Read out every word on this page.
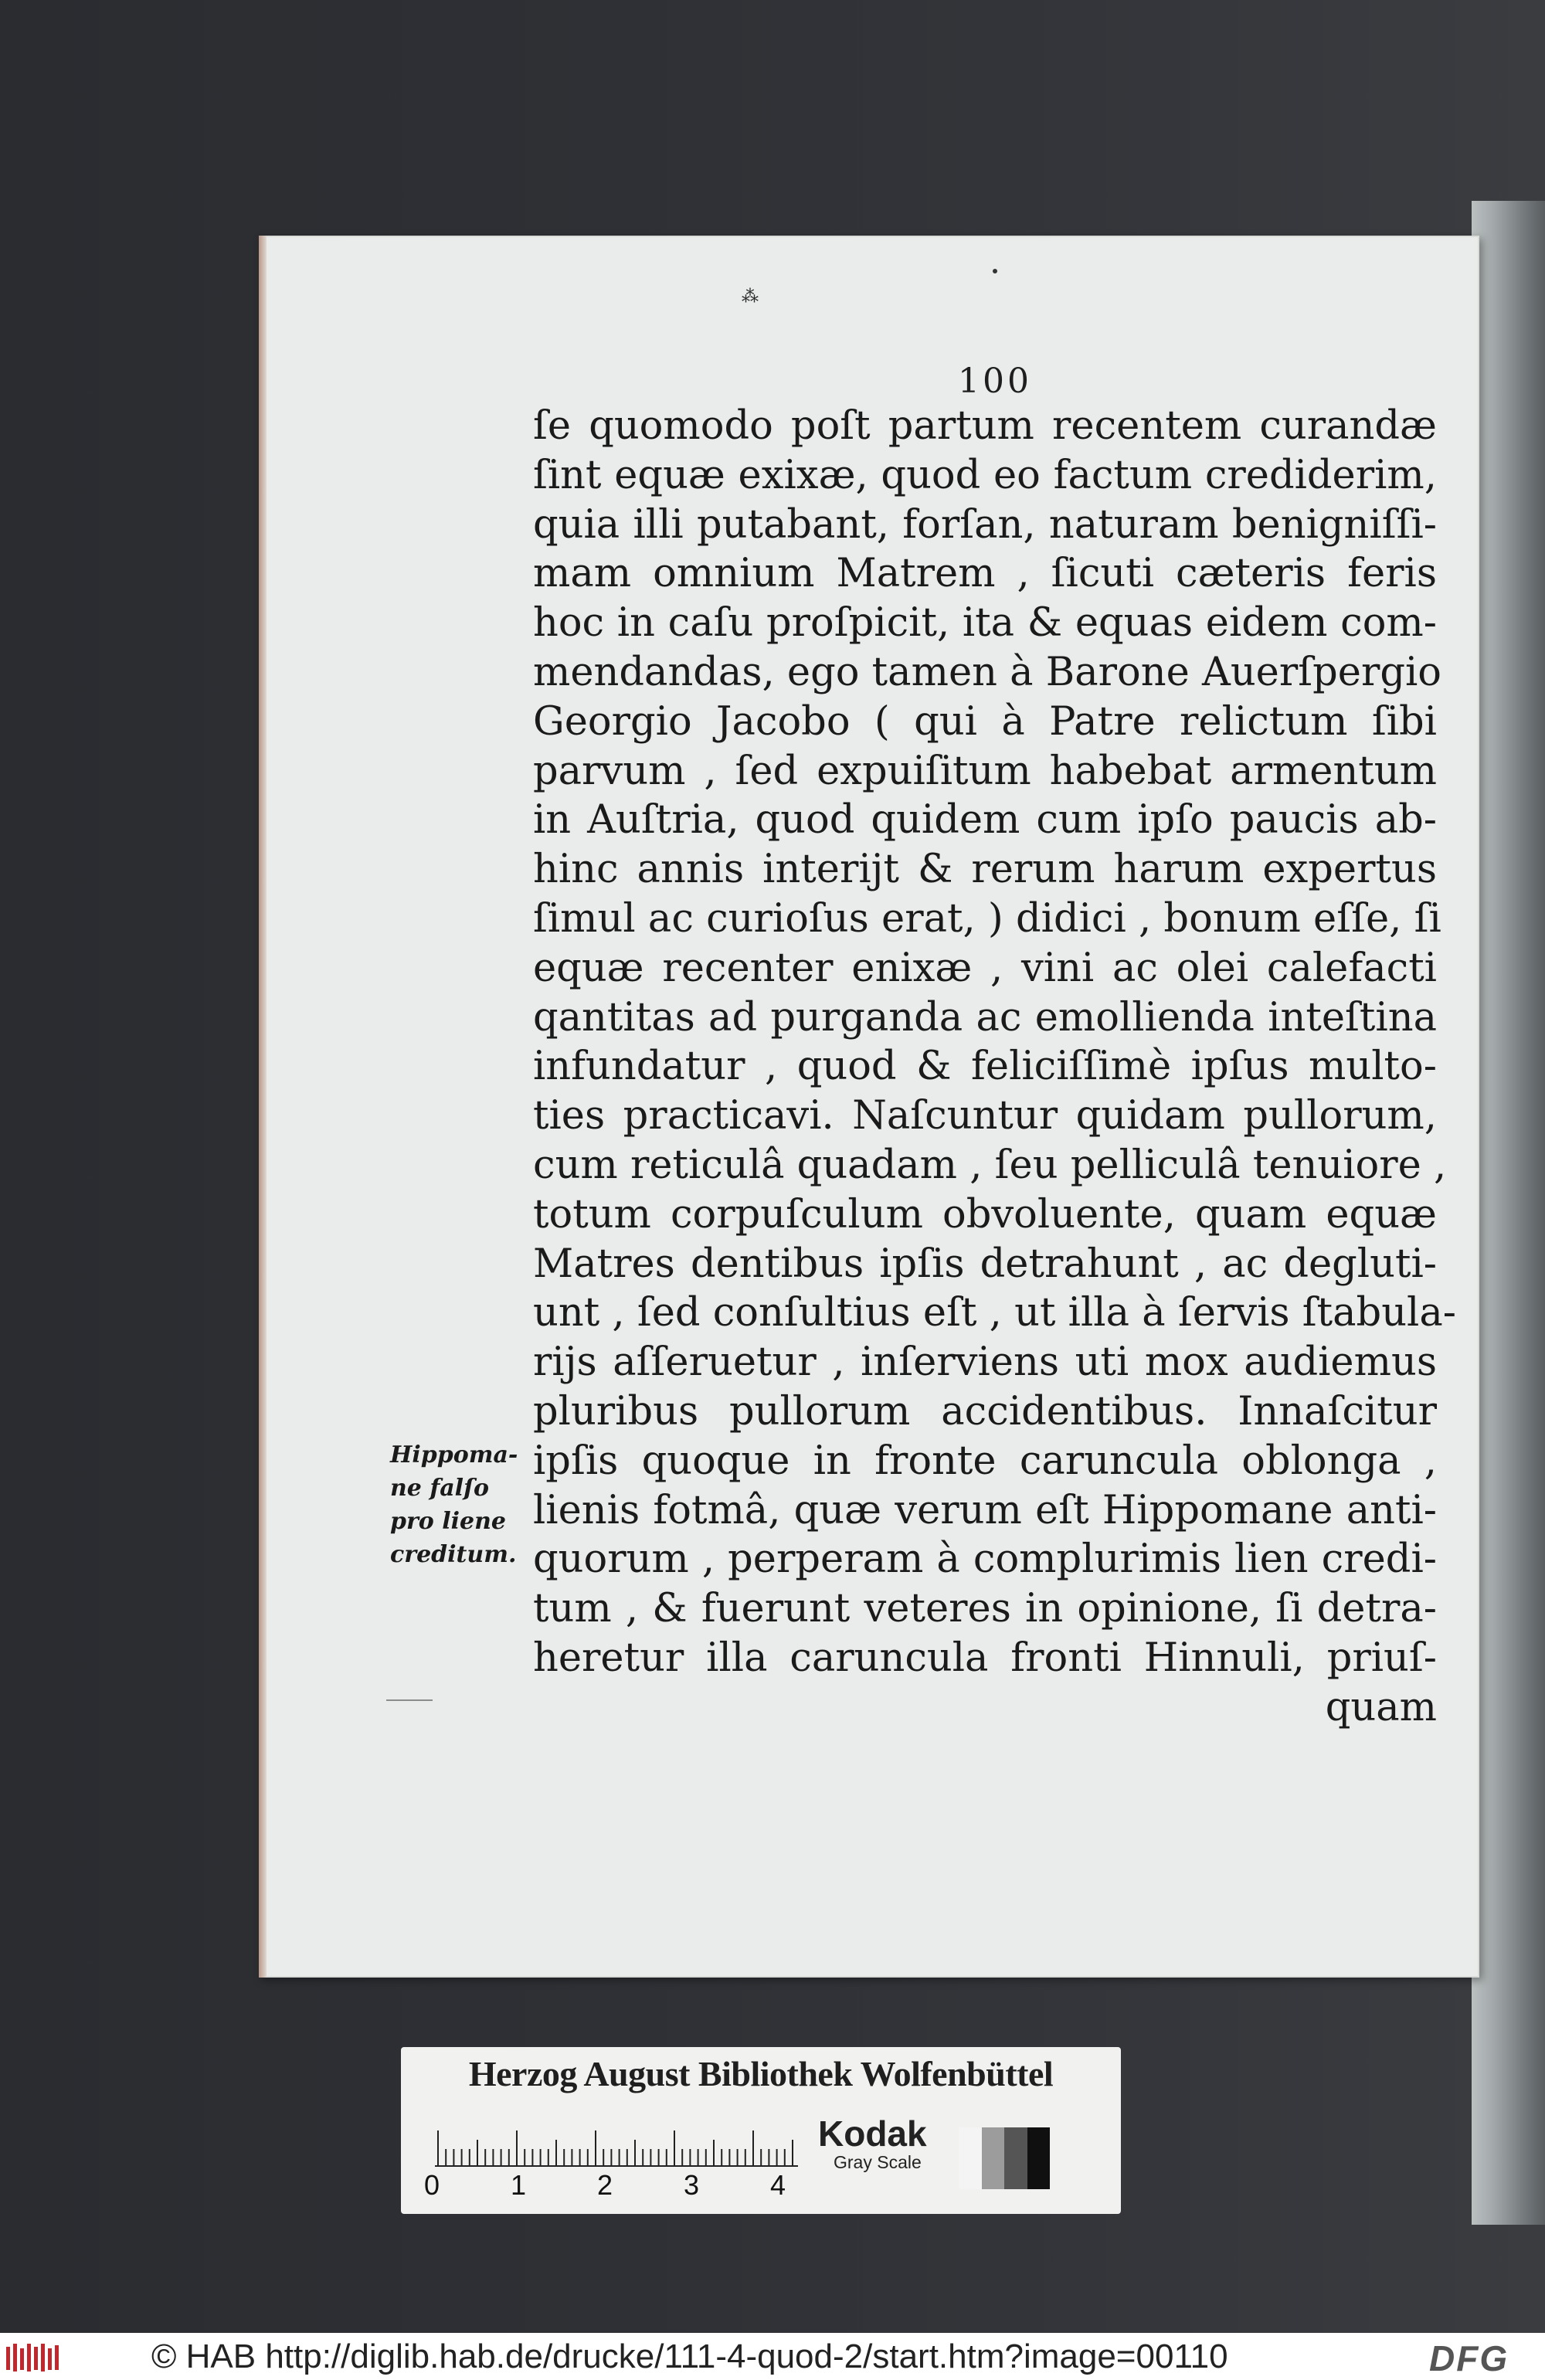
⁂
100
ſe quomodo poſt partum recentem curandæ
ſint equæ exixæ, quod eo factum crediderim,
quia illi putabant, forſan, naturam benigniſſi-
mam omnium Matrem , ſicuti cæteris feris
hoc in caſu proſpicit, ita & equas eidem com-
mendandas, ego tamen à Barone Auerſpergio
Georgio Jacobo ( qui à Patre relictum ſibi
parvum , ſed expuiſitum habebat armentum
in Auſtria, quod quidem cum ipſo paucis ab-
hinc annis interijt & rerum harum expertus
ſimul ac curioſus erat, ) didici , bonum eſſe, ſi
equæ recenter enixæ , vini ac olei calefacti
qantitas ad purganda ac emollienda inteſtina
infundatur , quod & feliciſſimè ipſus multo-
ties practicavi. Naſcuntur quidam pullorum,
cum reticulâ quadam , ſeu pelliculâ tenuiore ,
totum corpuſculum obvoluente, quam equæ
Matres dentibus ipſis detrahunt , ac degluti-
unt , ſed conſultius eſt , ut illa à ſervis ſtabula-
rijs aſſeruetur , inſerviens uti mox audiemus
pluribus pullorum accidentibus. Innaſcitur
ipſis quoque in fronte caruncula oblonga ,
lienis fotmâ, quæ verum eſt Hippomane anti-
quorum , perperam à complurimis lien credi-
tum , & fuerunt veteres in opinione, ſi detra-
heretur illa caruncula fronti Hinnuli, priuſ-
quam
Hippoma-
ne falſo
pro liene
creditum.
Herzog August Bibliothek Wolfenbüttel
0	1	2	3	4
Kodak
Gray Scale
© HAB http://diglib.hab.de/drucke/111-4-quod-2/start.htm?image=00110	DFG
